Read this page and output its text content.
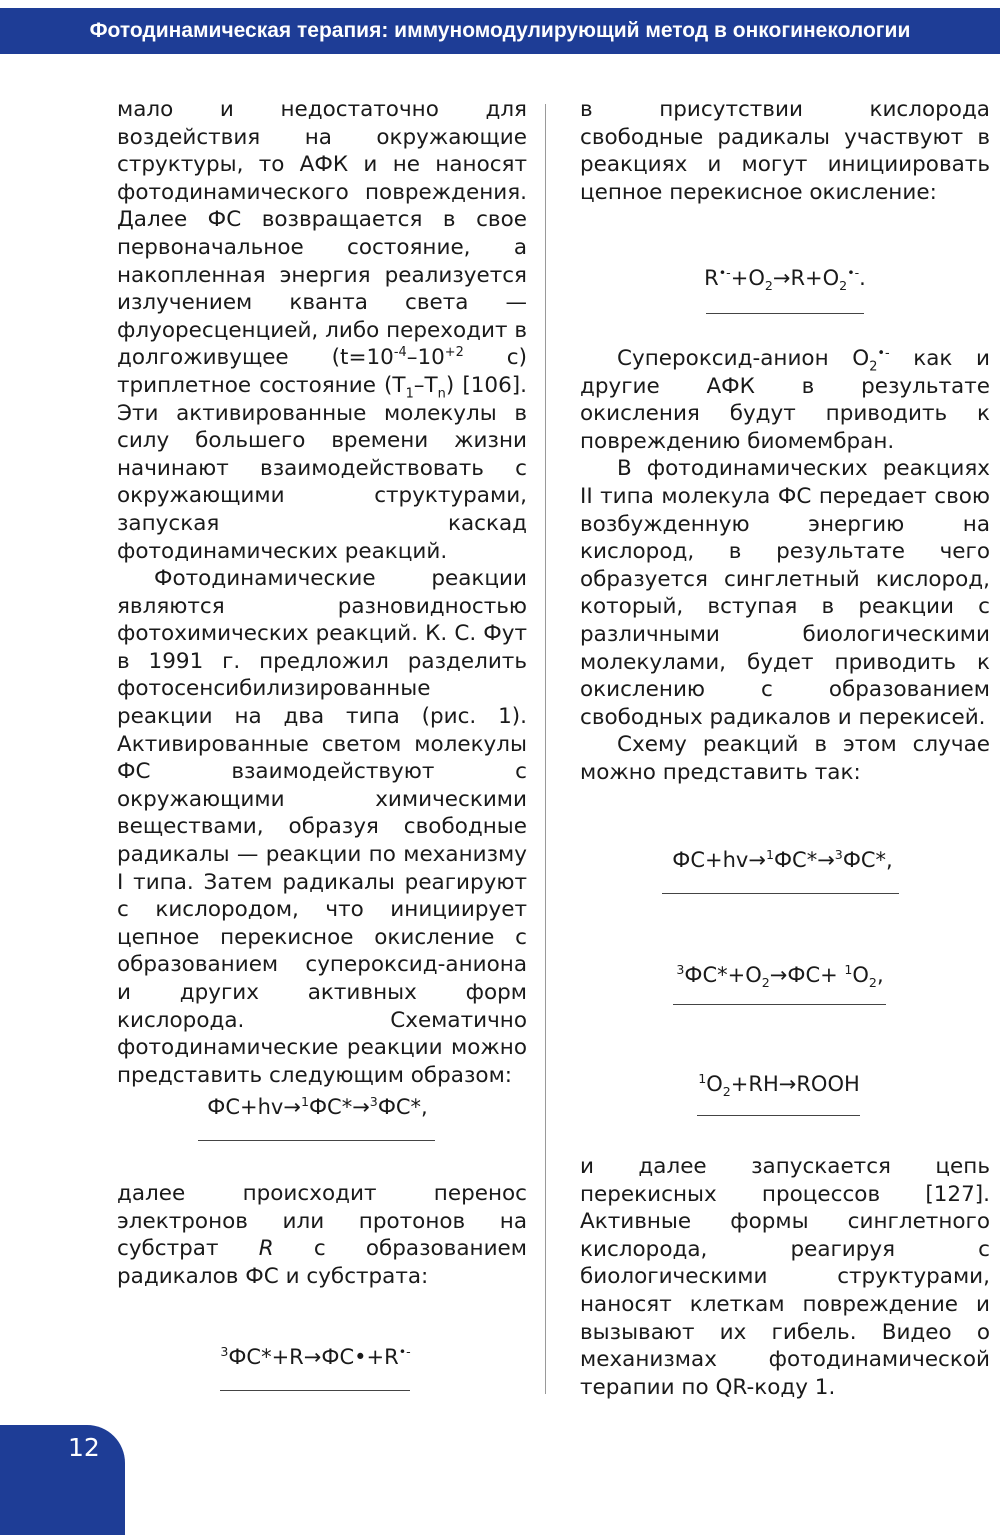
Фотодинамическая терапия: иммуномодулирующий метод в онкогинекологии

мало и недостаточно для воздействия на окружающие структуры, то АФК и не наносят фотодинамического повреждения. Далее ФС возвращается в свое первоначальное состояние, а накопленная энергия реализуется излучением кванта света — флуоресценцией, либо переходит в долгоживущее ($t=10^{-4}-10^{+2}$ с) триплетное состояние $(T_1-T_n)$ [106]. Эти активированные молекулы в силу большего времени жизни начинают взаимодействовать с окружающими структурами, запуская каскад фотодинамических реакций.

Фотодинамические реакции являются разновидностью фотохимических реакций. К. С. Фут в 1991 г. предложил разделить фотосенсибилизированные реакции на два типа (рис. 1). Активированные светом молекулы ФС взаимодействуют с окружающими химическими веществами, образуя свободные радикалы — реакции по механизму I типа. Затем радикалы реагируют с кислородом, что инициирует цепное перекисное окисление с образованием супероксид-аниона и других активных форм кислорода. Схематично фотодинамические реакции можно представить следующим образом:

ФС+hv→$^1$ФС*→$^3$ФС*,

далее происходит перенос электронов или протонов на субстрат R с образованием радикалов ФС и субстрата:

$^3$ФС*+R→ФС•+R•-

в присутствии кислорода свободные радикалы участвуют в реакциях и могут инициировать цепное перекисное окисление:

$R^{•-}+O_2\to R+O_2^{•-}$.

Супероксид-анион $O_2^{•-}$ как и другие АФК в результате окисления будут приводить к повреждению биомембран.

В фотодинамических реакциях II типа молекула ФС передает свою возбужденную энергию на кислород, в результате чего образуется синглетный кислород, который, вступая в реакции с различными биологическими молекулами, будет приводить к окислению с образованием свободных радикалов и перекисей.

Схему реакций в этом случае можно представить так:

ФС+hv→$^1$ФС*→$^3$ФС*,
$^3ФС*+O_2\to ФС+ ^1O_2$,
$^1O_2+RH\to ROOH$

и далее запускается цепь перекисных процессов [127]. Активные формы синглетного кислорода, реагируя с биологическими структурами, наносят клеткам повреждение и вызывают их гибель. Видео о механизмах фотодинамической терапии по QR-коду 1.

12
